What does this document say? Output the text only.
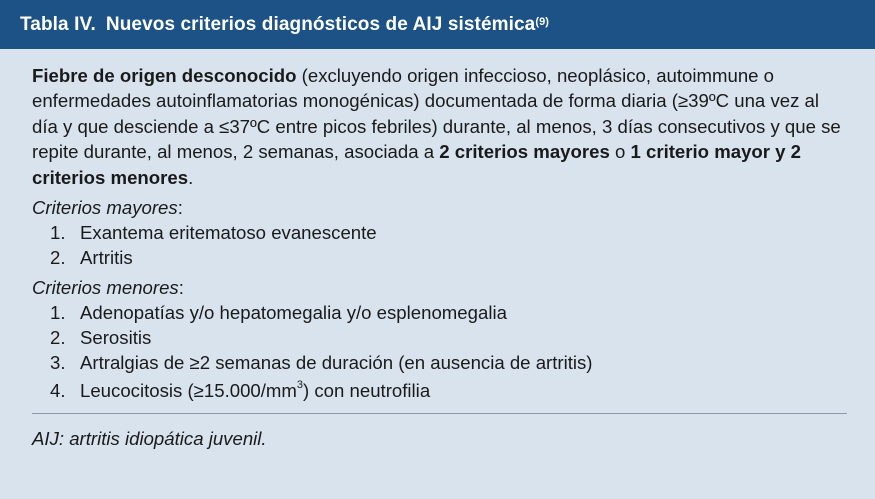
Tabla IV. Nuevos criterios diagnósticos de AIJ sistémica$^{(9)}$

Fiebre de origen desconocido (excluyendo origen infeccioso, neoplásico, autoimmune o enfermedades autoinflamatorias monogénicas) documentada de forma diaria (≥39ºC una vez al día y que desciende a ≤37ºC entre picos febriles) durante, al menos, 3 días consecutivos y que se repite durante, al menos, 2 semanas, asociada a 2 criterios mayores o 1 criterio mayor y 2 criterios menores.

Criterios mayores:
1. Exantema eritematoso evanescente
2. Artritis
Criterios menores:
1. Adenopatías y/o hepatomegalia y/o esplenomegalia
2. Serositis
3. Artralgias de ≥2 semanas de duración (en ausencia de artritis)
4. Leucocitosis $(\ge 15.000/mm^3)$ con neutrofilia
AIJ: artritis idiopática juvenil.
